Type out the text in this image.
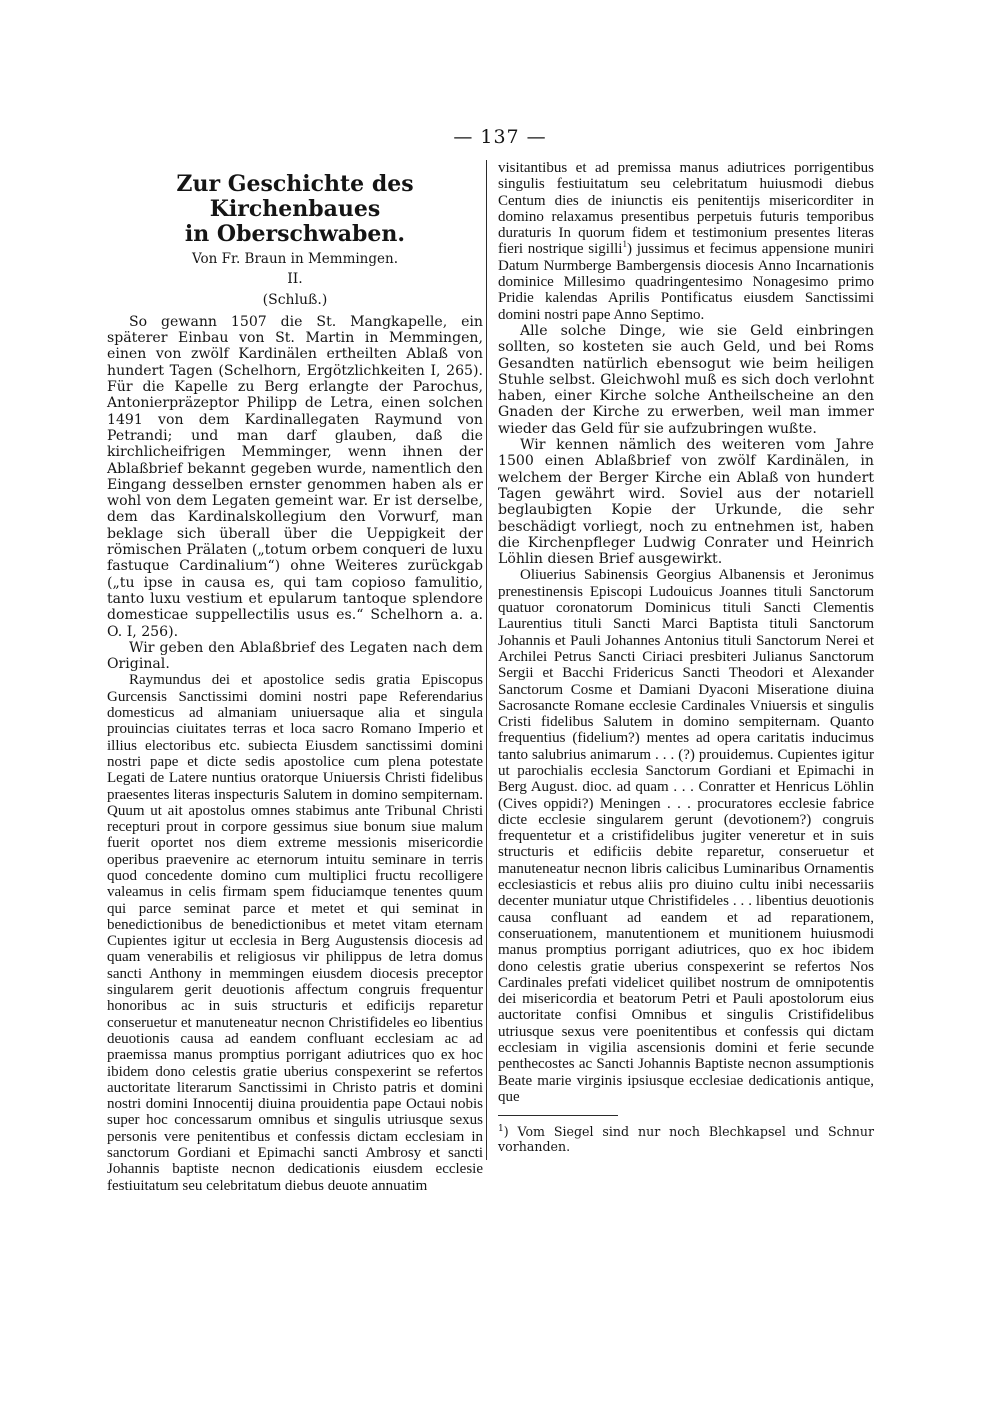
— 137 —

Zur Geschichte des Kirchenbaues

in Oberschwaben.

Von Fr. Braun in Memmingen.

II.

(Schluß.)

So gewann 1507 die St. Mangkapelle, ein späterer Einbau von St. Martin in Memmingen, einen von zwölf Kardinälen ertheilten Ablaß von hundert Tagen (Schelhorn, Ergötzlichkeiten I, 265). Für die Kapelle zu Berg erlangte der Parochus, Antonierpräzeptor Philipp de Letra, einen solchen 1491 von dem Kardinallegaten Raymund von Petrandi; und man darf glauben, daß die kirchlicheifrigen Memminger, wenn ihnen der Ablaßbrief bekannt gegeben wurde, namentlich den Eingang desselben ernster genommen haben als er wohl von dem Legaten gemeint war. Er ist derselbe, dem das Kardinalskollegium den Vorwurf, man beklage sich überall über die Ueppigkeit der römischen Prälaten („totum orbem conqueri de luxu fastuque Cardinalium“) ohne Weiteres zurückgab („tu ipse in causa es, qui tam copioso famulitio, tanto luxu vestium et epularum tantoque splendore domesticae suppellectilis usus es.“ Schelhorn a. a. O. I, 256).

Wir geben den Ablaßbrief des Legaten nach dem Original.

Raymundus dei et apostolice sedis gratia Episcopus Gurcensis Sanctissimi domini nostri pape Referendarius domesticus ad almaniam uniuersaque alia et singula prouincias ciuitates terras et loca sacro Romano Imperio et illius electoribus etc. subiecta Eiusdem sanctissimi domini nostri pape et dicte sedis apostolice cum plena potestate Legati de Latere nuntius oratorque Uniuersis Christi fidelibus praesentes literas inspecturis Salutem in domino sempiternam. Quum ut ait apostolus omnes stabimus ante Tribunal Christi recepturi prout in corpore gessimus siue bonum siue malum fuerit oportet nos diem extreme messionis misericordie operibus praevenire ac eternorum intuitu seminare in terris quod concedente domino cum multiplici fructu recolligere valeamus in celis firmam spem fiduciamque tenentes quum qui parce seminat parce et metet et qui seminat in benedictionibus de benedictionibus et metet vitam eternam Cupientes igitur ut ecclesia in Berg Augustensis diocesis ad quam venerabilis et religiosus vir philippus de letra domus sancti Anthony in memmingen eiusdem diocesis preceptor singularem gerit deuotionis affectum congruis frequentur honoribus ac in suis structuris et edificijs reparetur conseruetur et manuteneatur necnon Christifideles eo libentius deuotionis causa ad eandem confluant ecclesiam ac ad praemissa manus promptius porrigant adiutrices quo ex hoc ibidem dono celestis gratie uberius conspexerint se refertos auctoritate literarum Sanctissimi in Christo patris et domini nostri domini Innocentij diuina prouidentia pape Octaui nobis super hoc concessarum omnibus et singulis utriusque sexus personis vere penitentibus et confessis dictam ecclesiam in sanctorum Gordiani et Epimachi sancti Ambrosy et sancti Johannis baptiste necnon dedicationis eiusdem ecclesie festiuitatum seu celebritatum diebus deuote annuatim

visitantibus et ad premissa manus adiutrices porrigentibus singulis festiuitatum seu celebritatum huiusmodi diebus Centum dies de iniunctis eis penitentijs misericorditer in domino relaxamus presentibus perpetuis futuris temporibus duraturis In quorum fidem et testimonium presentes literas fieri nostrique sigilli$^1$) jussimus et fecimus appensione muniri Datum Nurmberge Bambergensis diocesis Anno Incarnationis dominice Millesimo quadringentesimo Nonagesimo primo Pridie kalendas Aprilis Pontificatus eiusdem Sanctissimi domini nostri pape Anno Septimo.

Alle solche Dinge, wie sie Geld einbringen sollten, so kosteten sie auch Geld, und bei Roms Gesandten natürlich ebensogut wie beim heiligen Stuhle selbst. Gleichwohl muß es sich doch verlohnt haben, einer Kirche solche Antheilscheine an den Gnaden der Kirche zu erwerben, weil man immer wieder das Geld für sie aufzubringen wußte.

Wir kennen nämlich des weiteren vom Jahre 1500 einen Ablaßbrief von zwölf Kardinälen, in welchem der Berger Kirche ein Ablaß von hundert Tagen gewährt wird. Soviel aus der notariell beglaubigten Kopie der Urkunde, die sehr beschädigt vorliegt, noch zu entnehmen ist, haben die Kirchenpfleger Ludwig Conrater und Heinrich Löhlin diesen Brief ausgewirkt.

Oliuerius Sabinensis Georgius Albanensis et Jeronimus prenestinensis Episcopi Ludouicus Joannes tituli Sanctorum quatuor coronatorum Dominicus tituli Sancti Clementis Laurentius tituli Sancti Marci Baptista tituli Sanctorum Johannis et Pauli Johannes Antonius tituli Sanctorum Nerei et Archilei Petrus Sancti Ciriaci presbiteri Julianus Sanctorum Sergii et Bacchi Fridericus Sancti Theodori et Alexander Sanctorum Cosme et Damiani Dyaconi Miseratione diuina Sacrosancte Romane ecclesie Cardinales Vniuersis et singulis Cristi fidelibus Salutem in domino sempiternam. Quanto frequentius (fidelium?) mentes ad opera caritatis inducimus tanto salubrius animarum . . . (?) prouidemus. Cupientes igitur ut parochialis ecclesia Sanctorum Gordiani et Epimachi in Berg August. dioc. ad quam . . . Conratter et Henricus Löhlin (Cives oppidi?) Meningen . . . procuratores ecclesie fabrice dicte ecclesie singularem gerunt (devotionem?) congruis frequentetur et a cristifidelibus jugiter veneretur et in suis structuris et edificiis debite reparetur, conseruetur et manuteneatur necnon libris calicibus Luminaribus Ornamentis ecclesiasticis et rebus aliis pro diuino cultu inibi necessariis decenter muniatur utque Christifideles . . . libentius deuotionis causa confluant ad eandem et ad reparationem, conseruationem, manutentionem et munitionem huiusmodi manus promptius porrigant adiutrices, quo ex hoc ibidem dono celestis gratie uberius conspexerint se refertos Nos Cardinales prefati videlicet quilibet nostrum de omnipotentis dei misericordia et beatorum Petri et Pauli apostolorum eius auctoritate confisi Omnibus et singulis Cristifidelibus utriusque sexus vere poenitentibus et confessis qui dictam ecclesiam in vigilia ascensionis domini et ferie secunde penthecostes ac Sancti Johannis Baptiste necnon assumptionis Beate marie virginis ipsiusque ecclesiae dedicationis antique, que

$^1$) Vom Siegel sind nur noch Blechkapsel und Schnur vorhanden.
